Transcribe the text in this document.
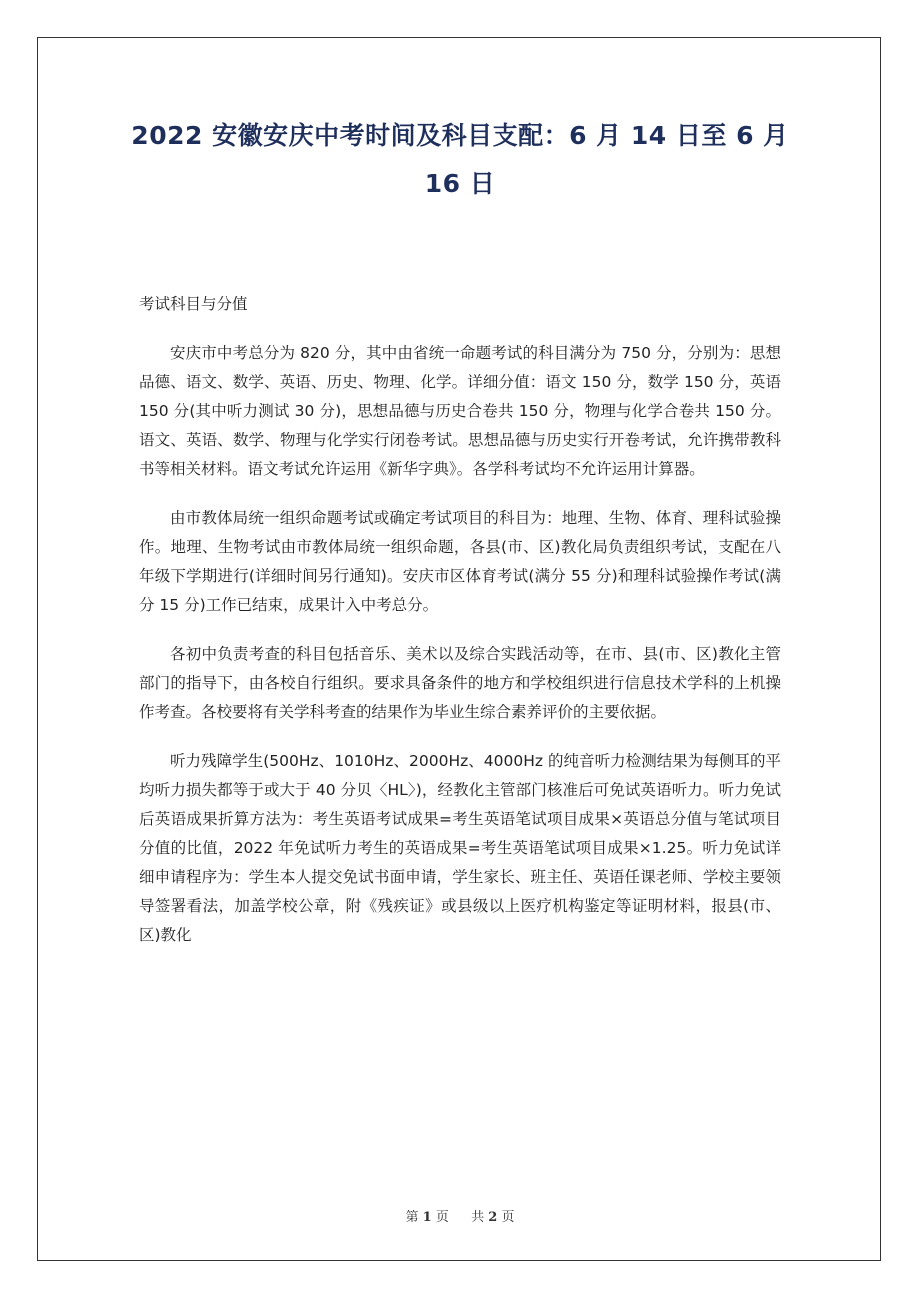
2022 安徽安庆中考时间及科目支配：6 月 14 日至 6 月 16 日

考试科目与分值

安庆市中考总分为 820 分，其中由省统一命题考试的科目满分为 750 分，分别为：思想品德、语文、数学、英语、历史、物理、化学。详细分值：语文 150 分，数学 150 分，英语 150 分(其中听力测试 30 分)，思想品德与历史合卷共 150 分，物理与化学合卷共 150 分。语文、英语、数学、物理与化学实行闭卷考试。思想品德与历史实行开卷考试，允许携带教科书等相关材料。语文考试允许运用《新华字典》。各学科考试均不允许运用计算器。

由市教体局统一组织命题考试或确定考试项目的科目为：地理、生物、体育、理科试验操作。地理、生物考试由市教体局统一组织命题，各县(市、区)教化局负责组织考试，支配在八年级下学期进行(详细时间另行通知)。安庆市区体育考试(满分 55 分)和理科试验操作考试(满分 15 分)工作已结束，成果计入中考总分。

各初中负责考查的科目包括音乐、美术以及综合实践活动等，在市、县(市、区)教化主管部门的指导下，由各校自行组织。要求具备条件的地方和学校组织进行信息技术学科的上机操作考查。各校要将有关学科考查的结果作为毕业生综合素养评价的主要依据。

听力残障学生(500Hz、1010Hz、2000Hz、4000Hz 的纯音听力检测结果为每侧耳的平均听力损失都等于或大于 40 分贝〈HL〉)，经教化主管部门核准后可免试英语听力。听力免试后英语成果折算方法为：考生英语考试成果=考生英语笔试项目成果×英语总分值与笔试项目分值的比值，2022 年免试听力考生的英语成果=考生英语笔试项目成果×1.25。听力免试详细申请程序为：学生本人提交免试书面申请，学生家长、班主任、英语任课老师、学校主要领导签署看法，加盖学校公章，附《残疾证》或县级以上医疗机构鉴定等证明材料，报县(市、区)教化

第 1 页 共 2 页
